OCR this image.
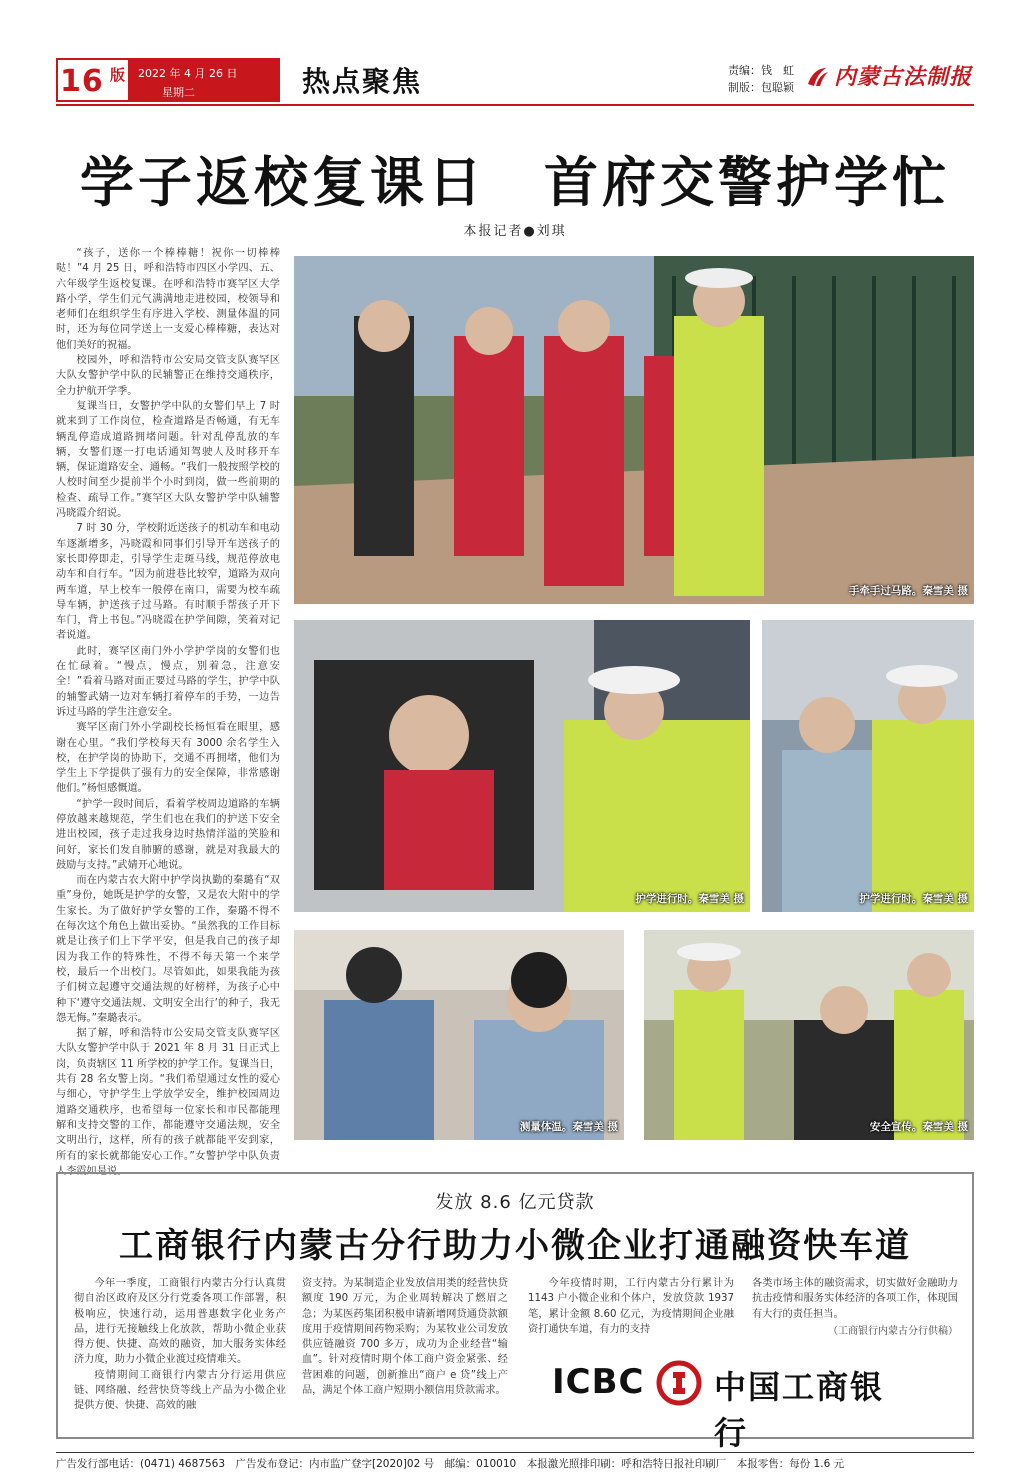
16 版 2022 年 4 月 26 日
星期二	热点聚焦	责编：钱　虹
制版：包聪颖 内蒙古法制报
学子返校复课日　首府交警护学忙
本报记者●刘琪

“孩子，送你一个棒棒糖！祝你一切棒棒哒！”4 月 25 日，呼和浩特市四区小学四、五、六年级学生返校复课。在呼和浩特市赛罕区大学路小学，学生们元气满满地走进校园，校领导和老师们在组织学生有序进入学校、测量体温的同时，还为每位同学送上一支爱心棒棒糖，表达对他们美好的祝福。

校园外，呼和浩特市公安局交管支队赛罕区大队女警护学中队的民辅警正在维持交通秩序，全力护航开学季。

复课当日，女警护学中队的女警们早上 7 时就来到了工作岗位，检查道路是否畅通，有无车辆乱停造成道路拥堵问题。针对乱停乱放的车辆，女警们逐一打电话通知驾驶人及时移开车辆，保证道路安全、通畅。“我们一般按照学校的人校时间至少提前半个小时到岗，做一些前期的检查、疏导工作。”赛罕区大队女警护学中队辅警冯晓霞介绍说。

7 时 30 分，学校附近送孩子的机动车和电动车逐渐增多，冯晓霞和同事们引导开车送孩子的家长即停即走，引导学生走斑马线，规范停放电动车和自行车。“因为前进巷比较窄，道路为双向两车道，早上校车一般停在南口，需要为校车疏导车辆，护送孩子过马路。有时顺手帮孩子开下车门，背上书包。”冯晓霞在护学间隙，笑着对记者说道。

此时，赛罕区南门外小学护学岗的女警们也在忙碌着。“慢点，慢点，别着急，注意安全！”看着马路对面正要过马路的学生，护学中队的辅警武婧一边对车辆打着停车的手势，一边告诉过马路的学生注意安全。

赛罕区南门外小学副校长杨恒看在眼里，感谢在心里。“我们学校每天有 3000 余名学生入校，在护学岗的协助下，交通不再拥堵，他们为学生上下学提供了强有力的安全保障，非常感谢他们。”杨恒感慨道。

“护学一段时间后，看着学校周边道路的车辆停放越来越规范，学生们也在我们的护送下安全进出校园，孩子走过我身边时热情洋溢的笑脸和问好，家长们发自肺腑的感谢，就是对我最大的鼓励与支持。”武婧开心地说。

而在内蒙古农大附中护学岗执勤的秦璐有“双重”身份，她既是护学的女警，又是农大附中的学生家长。为了做好护学女警的工作，秦璐不得不在每次这个角色上做出妥协。“虽然我的工作目标就是让孩子们上下学平安，但是我自己的孩子却因为我工作的特殊性，不得不每天第一个来学校，最后一个出校门。尽管如此，如果我能为孩子们树立起遵守交通法规的好榜样，为孩子心中种下‘遵守交通法规、文明安全出行’的种子，我无怨无悔。”秦璐表示。

据了解，呼和浩特市公安局交管支队赛罕区大队女警护学中队于 2021 年 8 月 31 日正式上岗，负责辖区 11 所学校的护学工作。复课当日，共有 28 名女警上岗。“我们希望通过女性的爱心与细心，守护学生上学放学安全，维护校园周边道路交通秩序，也希望每一位家长和市民都能理解和支持交警的工作，都能遵守交通法规，安全文明出行，这样，所有的孩子就都能平安到家，所有的家长就都能安心工作。”女警护学中队负责人李霞如是说。

手牵手过马路。秦雪美 摄
护学进行时。秦雪美 摄	护学进行时。秦雪美 摄
测量体温。秦雪美 摄	安全宣传。秦雪美 摄
发放 8.6 亿元贷款
工商银行内蒙古分行助力小微企业打通融资快车道

今年一季度，工商银行内蒙古分行认真贯彻自治区政府及区分行党委各项工作部署，积极响应，快速行动，运用普惠数字化业务产品，进行无接触线上化放款，帮助小微企业获得方便、快捷、高效的融资，加大服务实体经济力度，助力小微企业渡过疫情难关。

疫情期间工商银行内蒙古分行运用供应链、网络融、经营快贷等线上产品为小微企业提供方便、快捷、高效的融

资支持。为某制造企业发放信用类的经营快贷额度 190 万元，为企业周转解决了燃眉之急；为某医药集团积极申请新增网贷通贷款额度用于疫情期间药物采购；为某牧业公司发放供应链融资 700 多万，成功为企业经营“输血”。针对疫情时期个体工商户资金紧张、经营困难的问题，创新推出“商户 e 贷”线上产品，满足个体工商户短期小额信用贷款需求。

今年疫情时期，工行内蒙古分行累计为 1143 户小微企业和个体户，发放贷款 1937 笔，累计金额 8.60 亿元，为疫情期间企业融资打通快车道，有力的支持

各类市场主体的融资需求，切实做好金融助力抗击疫情和服务实体经济的各项工作，体现国有大行的责任担当。

（工商银行内蒙古分行供稿）
ICBC 中国工商银行
广告发行部电话：(0471) 4687563　广告发布登记：内市监广登字[2020]02 号　邮编：010010　本报激光照排印刷：呼和浩特日报社印刷厂　本报零售：每份 1.6 元
